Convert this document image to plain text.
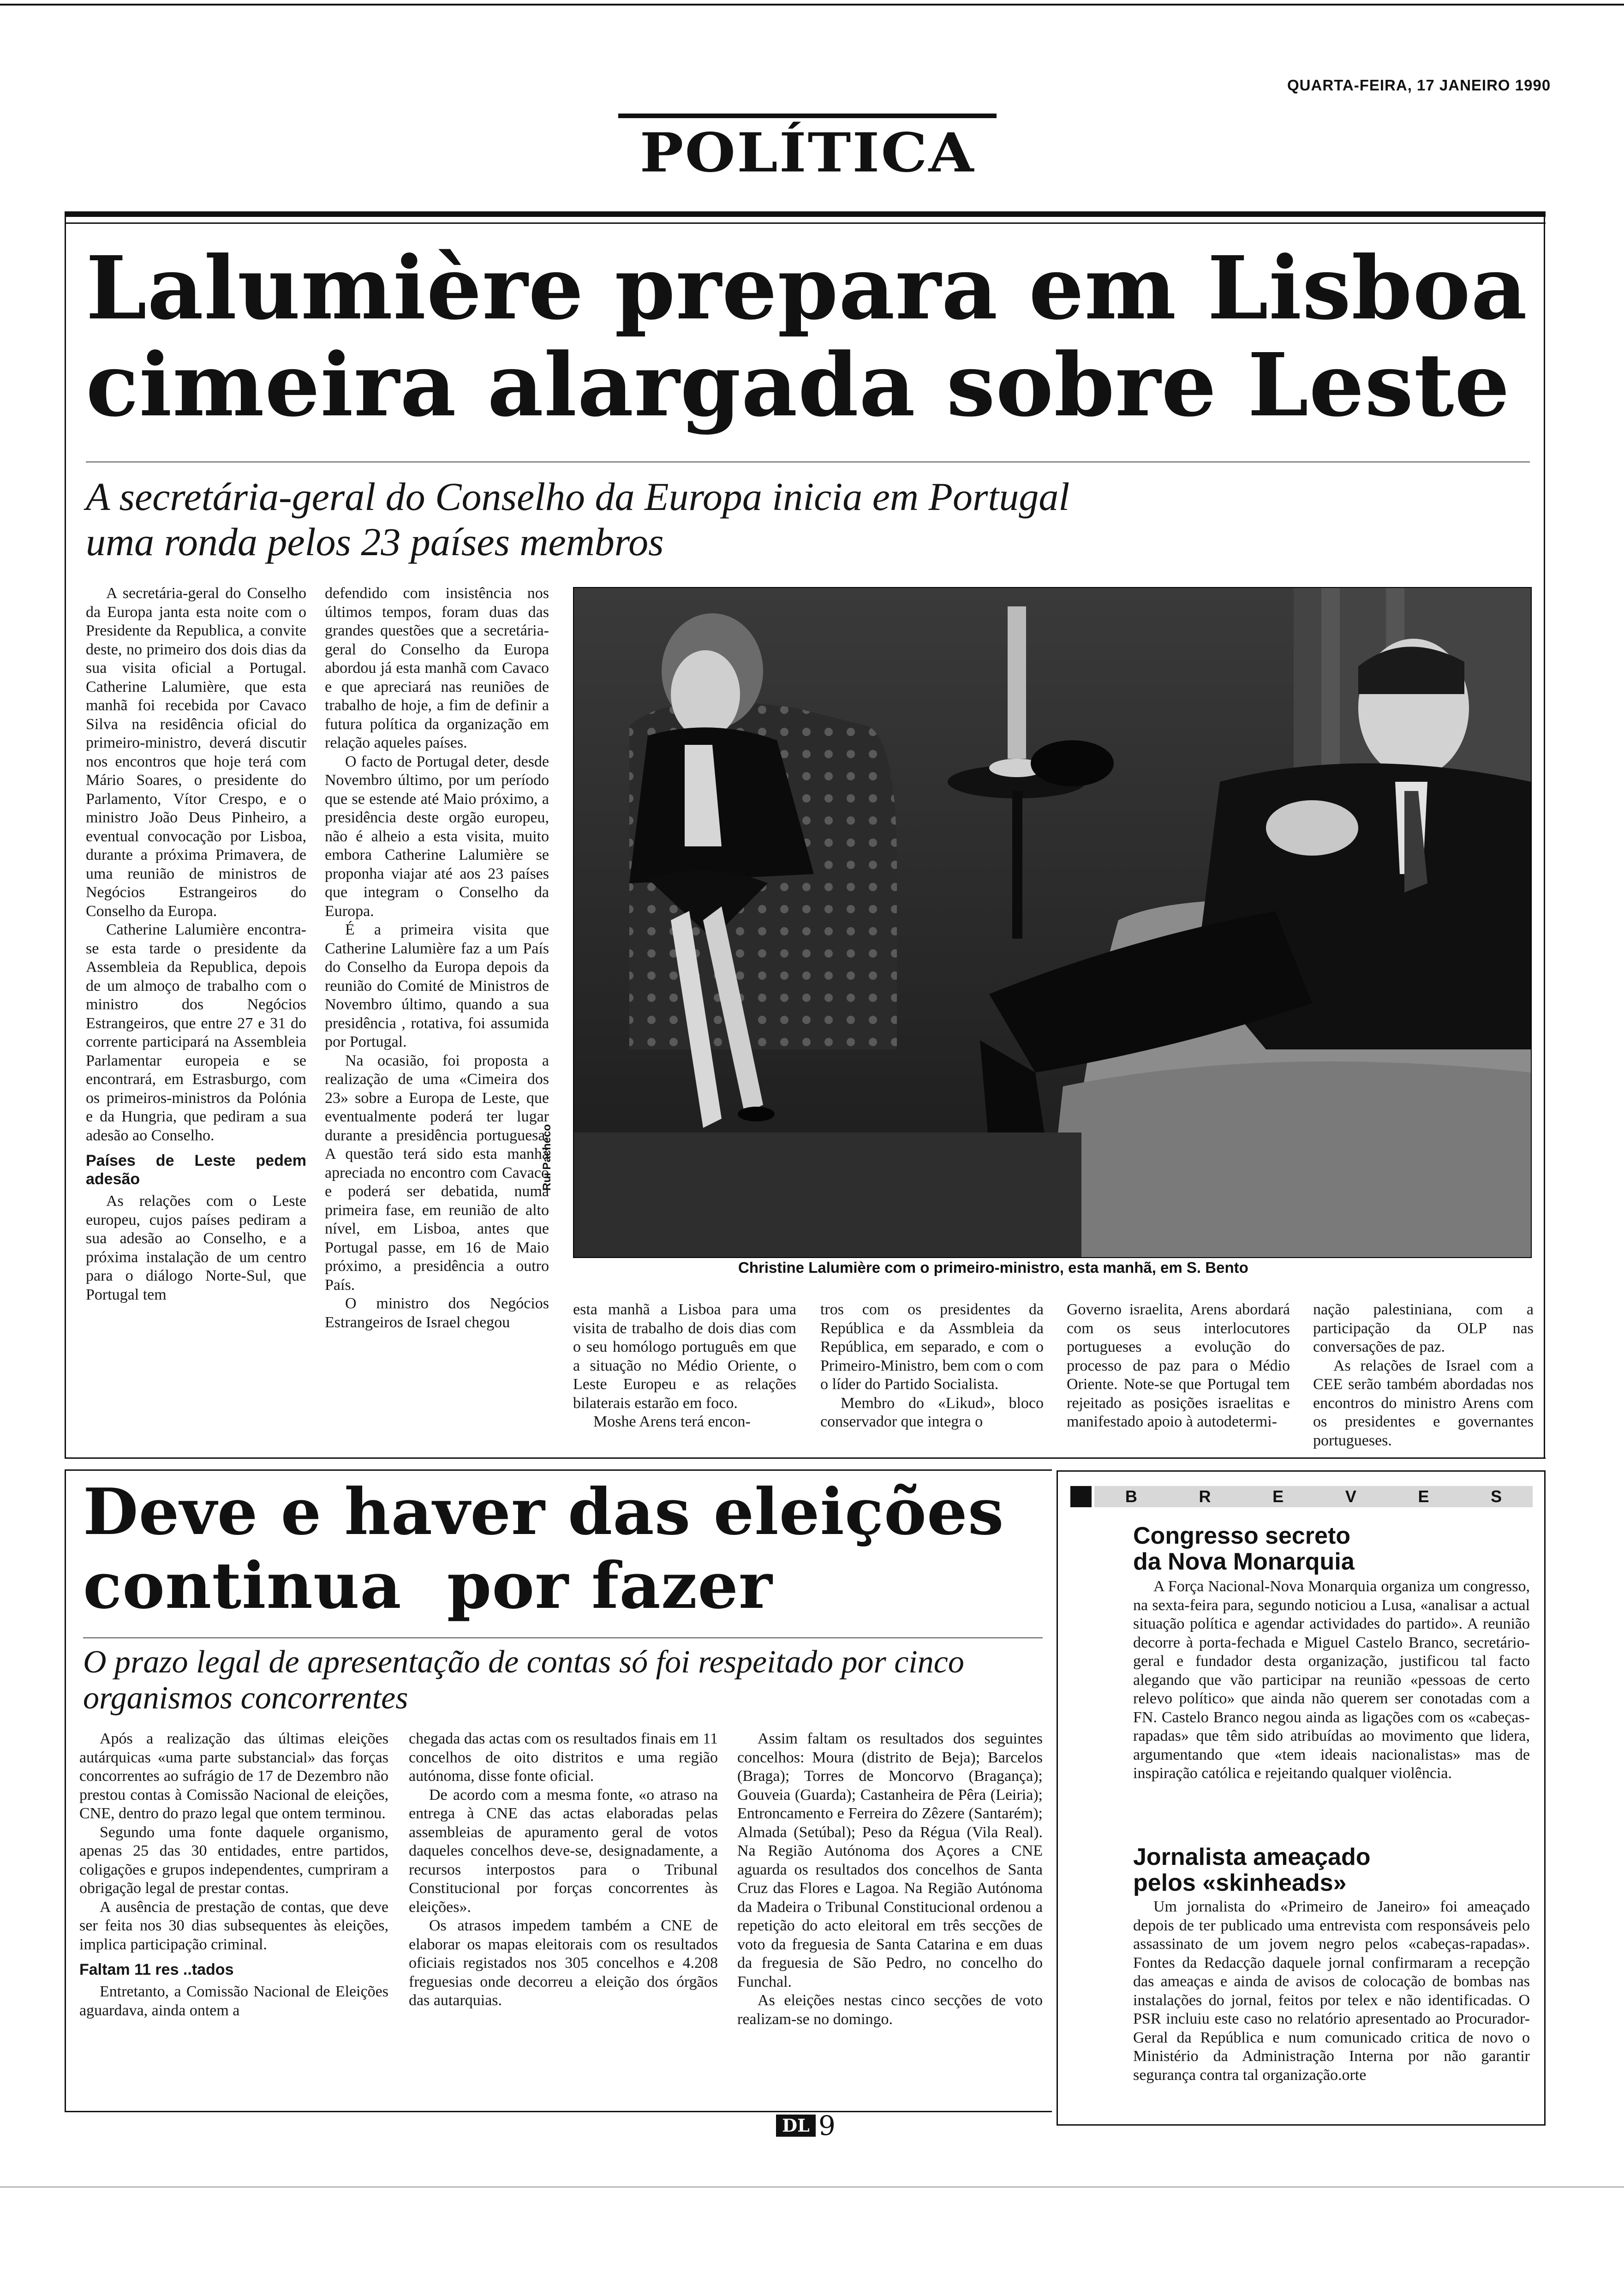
QUARTA-FEIRA, 17 JANEIRO 1990
POLÍTICA
Lalumière prepara em Lisboa
cimeira alargada sobre Leste
A secretária-geral do Conselho da Europa inicia em Portugal
uma ronda pelos 23 países membros

A secretária-geral do Conselho da Europa janta esta noite com o Presidente da Republica, a convite deste, no primeiro dos dois dias da sua visita oficial a Portugal. Catherine Lalumière, que esta manhã foi recebida por Cavaco Silva na residência oficial do primeiro-ministro, deverá discutir nos encontros que hoje terá com Mário Soares, o presidente do Parlamento, Vítor Crespo, e o ministro João Deus Pinheiro, a eventual convocação por Lisboa, durante a próxima Primavera, de uma reunião de ministros de Negócios Estrangeiros do Conselho da Europa.

Catherine Lalumière encontra-se esta tarde o presidente da Assembleia da Republica, depois de um almoço de trabalho com o ministro dos Negócios Estrangeiros, que entre 27 e 31 do corrente participará na Assembleia Parlamentar europeia e se encontrará, em Estrasburgo, com os primeiros-ministros da Polónia e da Hungria, que pediram a sua adesão ao Conselho.

Países de Leste pedem adesão

As relações com o Leste europeu, cujos países pediram a sua adesão ao Conselho, e a próxima instalação de um centro para o diálogo Norte-Sul, que Portugal tem

defendido com insistência nos últimos tempos, foram duas das grandes questões que a secretária-geral do Conselho da Europa abordou já esta manhã com Cavaco e que apreciará nas reuniões de trabalho de hoje, a fim de definir a futura política da organização em relação aqueles países.

O facto de Portugal deter, desde Novembro último, por um período que se estende até Maio próximo, a presidência deste orgão europeu, não é alheio a esta visita, muito embora Catherine Lalumière se proponha viajar até aos 23 países que integram o Conselho da Europa.

É a primeira visita que Catherine Lalumière faz a um País do Conselho da Europa depois da reunião do Comité de Ministros de Novembro último, quando a sua presidência , rotativa, foi assumida por Portugal.

Na ocasião, foi proposta a realização de uma «Cimeira dos 23» sobre a Europa de Leste, que eventualmente poderá ter lugar durante a presidência portuguesa. A questão terá sido esta manhã apreciada no encontro com Cavaco e poderá ser debatida, numa primeira fase, em reunião de alto nível, em Lisboa, antes que Portugal passe, em 16 de Maio próximo, a presidência a outro País.

O ministro dos Negócios Estrangeiros de Israel chegou

Rui Pacheco
Christine Lalumière com o primeiro-ministro, esta manhã, em S. Bento

esta manhã a Lisboa para uma visita de trabalho de dois dias com o seu homólogo português em que a situação no Médio Oriente, o Leste Europeu e as relações bilaterais estarão em foco.

Moshe Arens terá encon-

tros com os presidentes da República e da Assmbleia da República, em separado, e com o Primeiro-Ministro, bem com o com o líder do Partido Socialista.

Membro do «Likud», bloco conservador que integra o

Governo israelita, Arens abordará com os seus interlocutores portugueses a evolução do processo de paz para o Médio Oriente. Note-se que Portugal tem rejeitado as posições israelitas e manifestado apoio à autodetermi-

nação palestiniana, com a participação da OLP nas conversações de paz.

As relações de Israel com a CEE serão também abordadas nos encontros do ministro Arens com os presidentes e governantes portugueses.

Deve e haver das eleições
continua  por fazer
O prazo legal de apresentação de contas só foi respeitado por cinco
organismos concorrentes

Após a realização das últimas eleições autárquicas «uma parte substancial» das forças concorrentes ao sufrágio de 17 de Dezembro não prestou contas à Comissão Nacional de eleições, CNE, dentro do prazo legal que ontem terminou.

Segundo uma fonte daquele organismo, apenas 25 das 30 entidades, entre partidos, coligações e grupos independentes, cumpriram a obrigação legal de prestar contas.

A ausência de prestação de contas, que deve ser feita nos 30 dias subsequentes às eleições, implica participação criminal.

Faltam 11 res ..tados

Entretanto, a Comissão Nacional de Eleições aguardava, ainda ontem a

chegada das actas com os resultados finais em 11 concelhos de oito distritos e uma região autónoma, disse fonte oficial.

De acordo com a mesma fonte, «o atraso na entrega à CNE das actas elaboradas pelas assembleias de apuramento geral de votos daqueles concelhos deve-se, designadamente, a recursos interpostos para o Tribunal Constitucional por forças concorrentes às eleições».

Os atrasos impedem também a CNE de elaborar os mapas eleitorais com os resultados oficiais registados nos 305 concelhos e 4.208 freguesias onde decorreu a eleição dos órgãos das autarquias.

Assim faltam os resultados dos seguintes concelhos: Moura (distrito de Beja); Barcelos (Braga); Torres de Moncorvo (Bragança); Gouveia (Guarda); Castanheira de Pêra (Leiria); Entroncamento e Ferreira do Zêzere (Santarém); Almada (Setúbal); Peso da Régua (Vila Real). Na Região Autónoma dos Açores a CNE aguarda os resultados dos concelhos de Santa Cruz das Flores e Lagoa. Na Região Autónoma da Madeira o Tribunal Constitucional ordenou a repetição do acto eleitoral em três secções de voto da freguesia de Santa Catarina e em duas da freguesia de São Pedro, no concelho do Funchal.

As eleições nestas cinco secções de voto realizam-se no domingo.

B	R	E	V	E	S
Congresso secreto
da Nova Monarquia

A Força Nacional-Nova Monarquia organiza um congresso, na sexta-feira para, segundo noticiou a Lusa, «analisar a actual situação política e agendar actividades do partido». A reunião decorre à porta-fechada e Miguel Castelo Branco, secretário-geral e fundador desta organização, justificou tal facto alegando que vão participar na reunião «pessoas de certo relevo político» que ainda não querem ser conotadas com a FN. Castelo Branco negou ainda as ligações com os «cabeças-rapadas» que têm sido atribuídas ao movimento que lidera, argumentando que «tem ideais nacionalistas» mas de inspiração católica e rejeitando qualquer violência.

Jornalista ameaçado
pelos «skinheads»

Um jornalista do «Primeiro de Janeiro» foi ameaçado depois de ter publicado uma entrevista com responsáveis pelo assassinato de um jovem negro pelos «cabeças-rapadas». Fontes da Redacção daquele jornal confirmaram a recepção das ameaças e ainda de avisos de colocação de bombas nas instalações do jornal, feitos por telex e não identificadas. O PSR incluiu este caso no relatório apresentado ao Procurador-Geral da República e num comunicado critica de novo o Ministério da Administração Interna por não garantir segurança contra tal organização.orte

DL 9
